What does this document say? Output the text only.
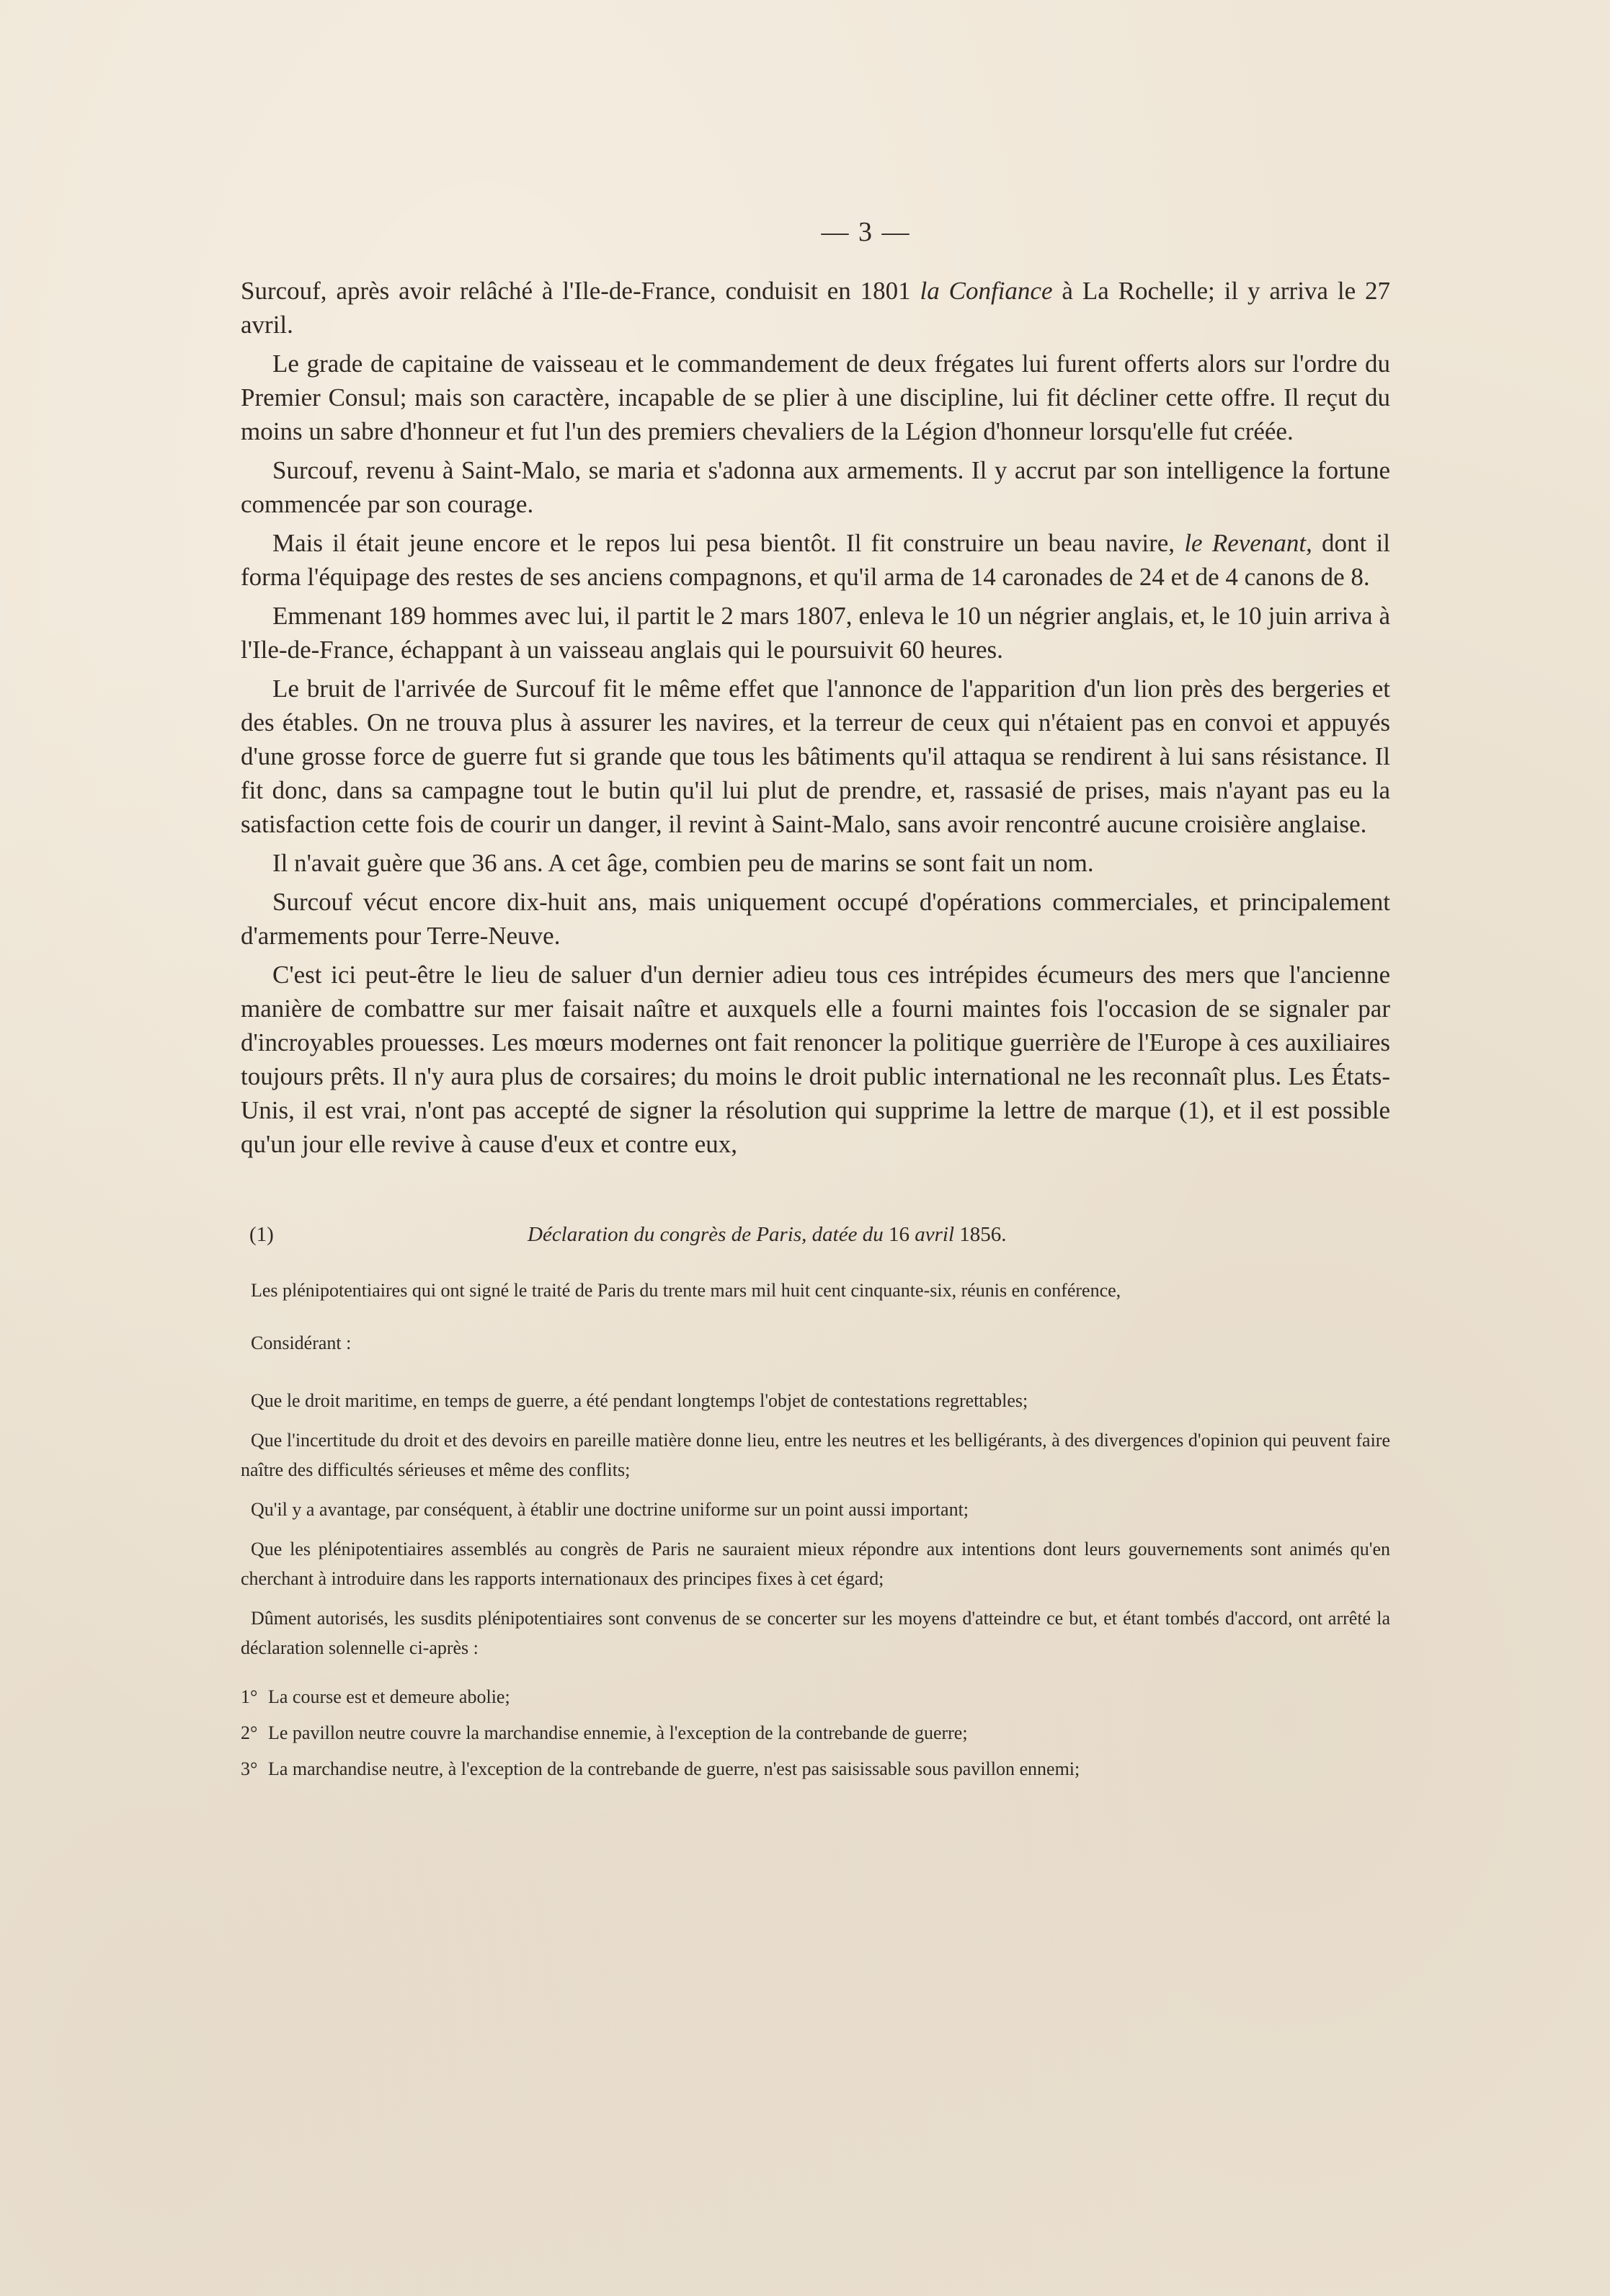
— 3 —

Surcouf, après avoir relâché à l'Ile-de-France, conduisit en 1801 la Confiance à La Rochelle; il y arriva le 27 avril.

Le grade de capitaine de vaisseau et le commandement de deux frégates lui furent offerts alors sur l'ordre du Premier Consul; mais son caractère, incapable de se plier à une discipline, lui fit décliner cette offre. Il reçut du moins un sabre d'honneur et fut l'un des premiers chevaliers de la Légion d'honneur lorsqu'elle fut créée.

Surcouf, revenu à Saint-Malo, se maria et s'adonna aux armements. Il y accrut par son intelligence la fortune commencée par son courage.

Mais il était jeune encore et le repos lui pesa bientôt. Il fit construire un beau navire, le Revenant, dont il forma l'équipage des restes de ses anciens compagnons, et qu'il arma de 14 caronades de 24 et de 4 canons de 8.

Emmenant 189 hommes avec lui, il partit le 2 mars 1807, enleva le 10 un négrier anglais, et, le 10 juin arriva à l'Ile-de-France, échappant à un vaisseau anglais qui le poursuivit 60 heures.

Le bruit de l'arrivée de Surcouf fit le même effet que l'annonce de l'apparition d'un lion près des bergeries et des étables. On ne trouva plus à assurer les navires, et la terreur de ceux qui n'étaient pas en convoi et appuyés d'une grosse force de guerre fut si grande que tous les bâtiments qu'il attaqua se rendirent à lui sans résistance. Il fit donc, dans sa campagne tout le butin qu'il lui plut de prendre, et, rassasié de prises, mais n'ayant pas eu la satisfaction cette fois de courir un danger, il revint à Saint-Malo, sans avoir rencontré aucune croisière anglaise.

Il n'avait guère que 36 ans. A cet âge, combien peu de marins se sont fait un nom.

Surcouf vécut encore dix-huit ans, mais uniquement occupé d'opérations commerciales, et principalement d'armements pour Terre-Neuve.

C'est ici peut-être le lieu de saluer d'un dernier adieu tous ces intrépides écumeurs des mers que l'ancienne manière de combattre sur mer faisait naître et auxquels elle a fourni maintes fois l'occasion de se signaler par d'incroyables prouesses. Les mœurs modernes ont fait renoncer la politique guerrière de l'Europe à ces auxiliaires toujours prêts. Il n'y aura plus de corsaires; du moins le droit public international ne les reconnaît plus. Les États-Unis, il est vrai, n'ont pas accepté de signer la résolution qui supprime la lettre de marque (1), et il est possible qu'un jour elle revive à cause d'eux et contre eux,

(1)	Déclaration du congrès de Paris, datée du 16 avril 1856.

Les plénipotentiaires qui ont signé le traité de Paris du trente mars mil huit cent cinquante-six, réunis en conférence,

Considérant :

Que le droit maritime, en temps de guerre, a été pendant longtemps l'objet de contestations regrettables;

Que l'incertitude du droit et des devoirs en pareille matière donne lieu, entre les neutres et les belligérants, à des divergences d'opinion qui peuvent faire naître des difficultés sérieuses et même des conflits;

Qu'il y a avantage, par conséquent, à établir une doctrine uniforme sur un point aussi important;

Que les plénipotentiaires assemblés au congrès de Paris ne sauraient mieux répondre aux intentions dont leurs gouvernements sont animés qu'en cherchant à introduire dans les rapports internationaux des principes fixes à cet égard;

Dûment autorisés, les susdits plénipotentiaires sont convenus de se concerter sur les moyens d'atteindre ce but, et étant tombés d'accord, ont arrêté la déclaration solennelle ci-après :

1° La course est et demeure abolie;
2° Le pavillon neutre couvre la marchandise ennemie, à l'exception de la contrebande de guerre;
3° La marchandise neutre, à l'exception de la contrebande de guerre, n'est pas saisissable sous pavillon ennemi;
